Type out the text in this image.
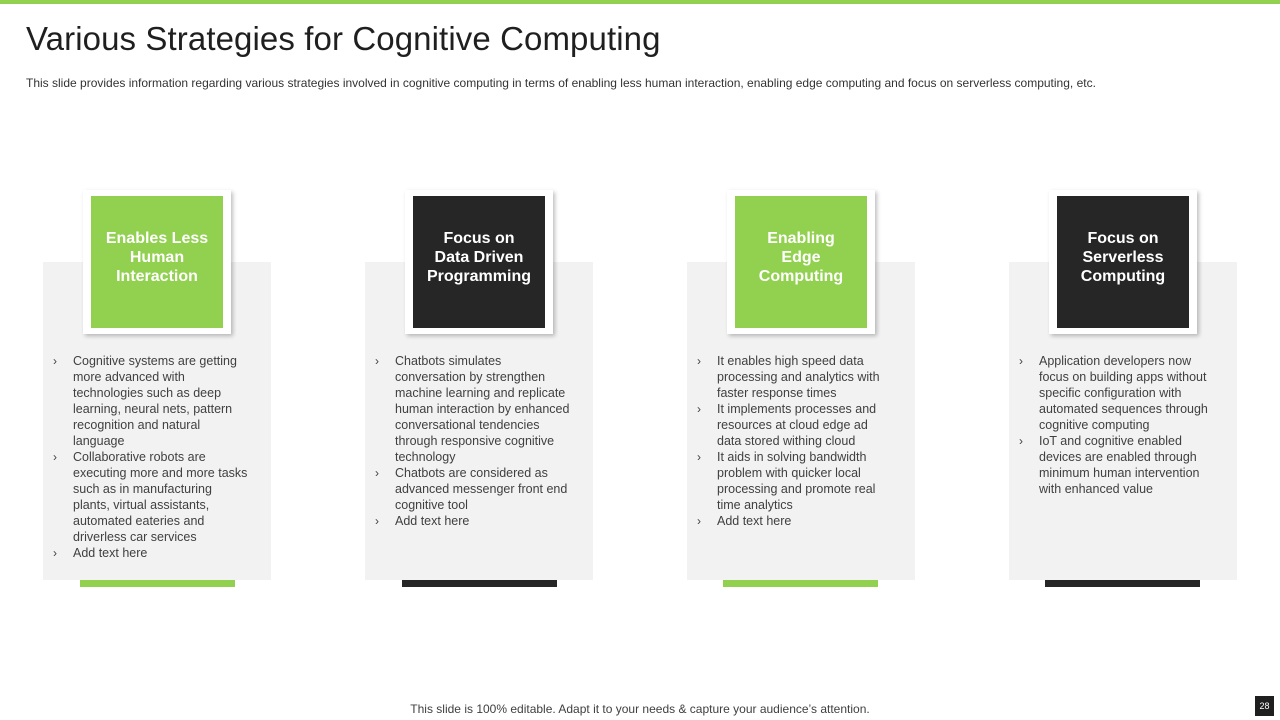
Various Strategies for Cognitive Computing
This slide provides information regarding various strategies involved in cognitive computing in terms of enabling less human interaction, enabling edge computing and focus on serverless computing, etc.
Enables Less
Human
Interaction
› Cognitive systems are getting
more advanced with
technologies such as deep
learning, neural nets, pattern
recognition and natural
language
› Collaborative robots are
executing more and more tasks
such as in manufacturing
plants, virtual assistants,
automated eateries and
driverless car services
› Add text here
Focus on
Data Driven
Programming
› Chatbots simulates
conversation by strengthen
machine learning and replicate
human interaction by enhanced
conversational tendencies
through responsive cognitive
technology
› Chatbots are considered as
advanced messenger front end
cognitive tool
› Add text here
Enabling
Edge
Computing
› It enables high speed data
processing and analytics with
faster response times
› It implements processes and
resources at cloud edge ad
data stored withing cloud
› It aids in solving bandwidth
problem with quicker local
processing and promote real
time analytics
› Add text here
Focus on
Serverless
Computing
› Application developers now
focus on building apps without
specific configuration with
automated sequences through
cognitive computing
› IoT and cognitive enabled
devices are enabled through
minimum human intervention
with enhanced value
This slide is 100% editable. Adapt it to your needs & capture your audience’s attention.	28
